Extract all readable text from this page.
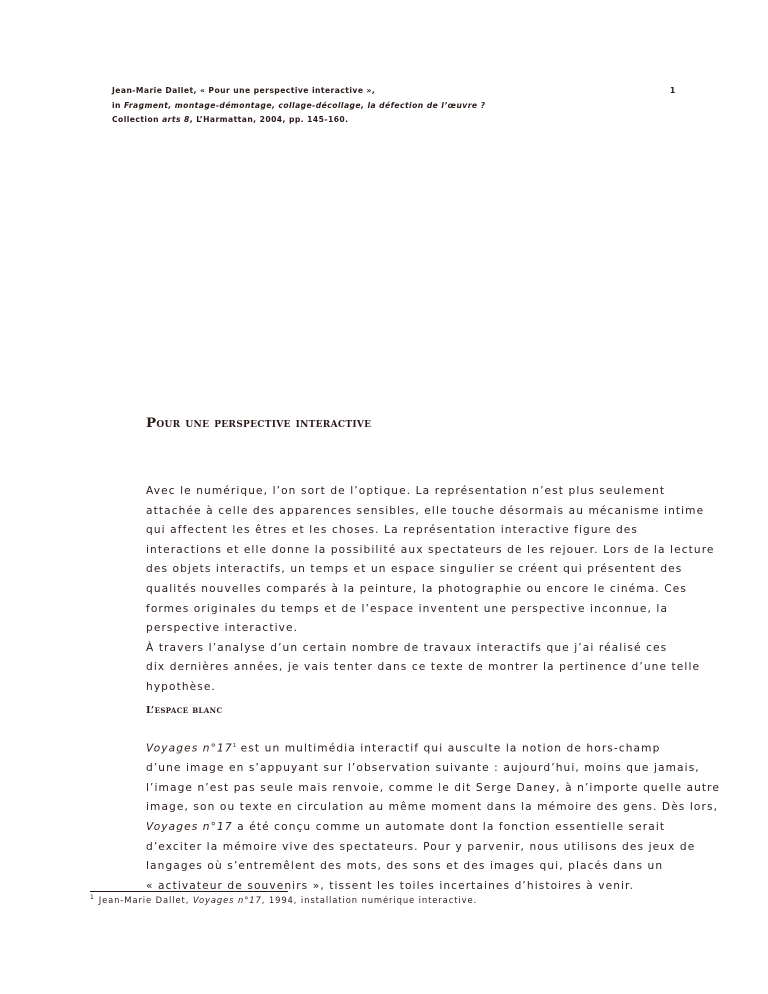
Jean-Marie Dallet, « Pour une perspective interactive »,
in Fragment, montage-démontage, collage-décollage, la défection de l’œuvre ?
Collection arts 8, L’Harmattan, 2004, pp. 145-160.
1
Pour une perspective interactive

Avec le numérique, l’on sort de l’optique. La représentation n’est plus seulement
attachée à celle des apparences sensibles, elle touche désormais au mécanisme intime
qui affectent les êtres et les choses. La représentation interactive figure des
interactions et elle donne la possibilité aux spectateurs de les rejouer. Lors de la lecture
des objets interactifs, un temps et un espace singulier se créent qui présentent des
qualités nouvelles comparés à la peinture, la photographie ou encore le cinéma. Ces
formes originales du temps et de l’espace inventent une perspective inconnue, la
perspective interactive.

À travers l’analyse d’un certain nombre de travaux interactifs que j’ai réalisé ces
dix dernières années, je vais tenter dans ce texte de montrer la pertinence d’une telle
hypothèse.

L’espace blanc

Voyages n°17$^1$ est un multimédia interactif qui ausculte la notion de hors-champ
d’une image en s’appuyant sur l’observation suivante : aujourd’hui, moins que jamais,
l’image n’est pas seule mais renvoie, comme le dit Serge Daney, à n’importe quelle autre
image, son ou texte en circulation au même moment dans la mémoire des gens. Dès lors,
Voyages n°17 a été conçu comme un automate dont la fonction essentielle serait
d’exciter la mémoire vive des spectateurs. Pour y parvenir, nous utilisons des jeux de
langages où s’entremêlent des mots, des sons et des images qui, placés dans un
« activateur de souvenirs », tissent les toiles incertaines d’histoires à venir.

$^1$ Jean-Marie Dallet, Voyages n°17, 1994, installation numérique interactive.
